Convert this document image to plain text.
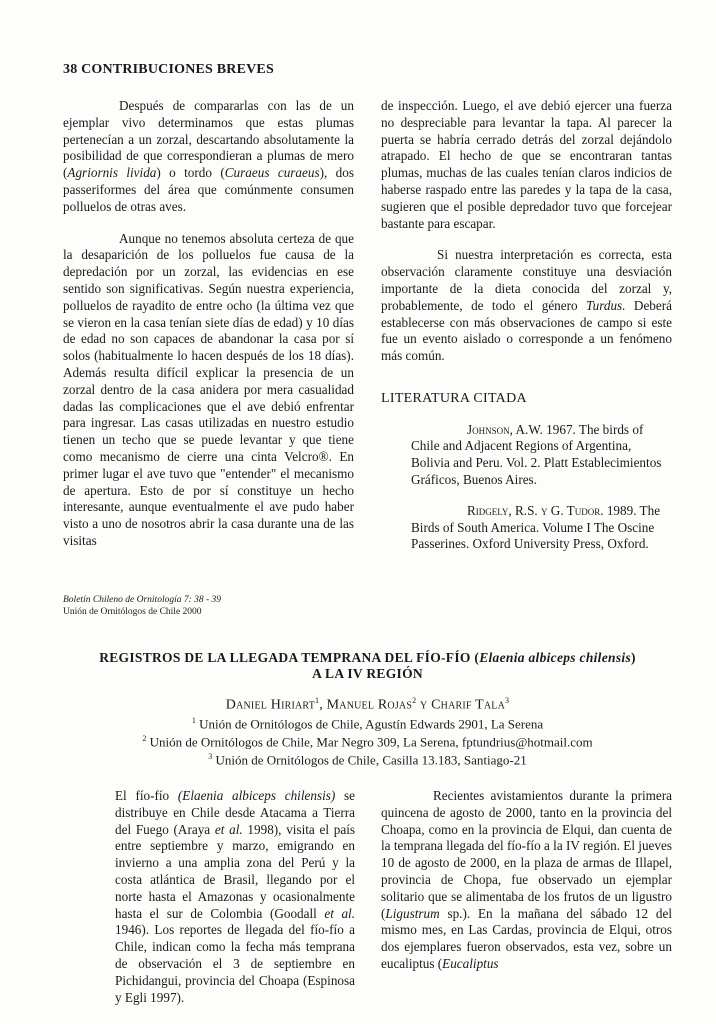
38 CONTRIBUCIONES BREVES

Después de compararlas con las de un ejemplar vivo determinamos que estas plumas pertenecían a un zorzal, descartando absolutamente la posibilidad de que correspondieran a plumas de mero (Agriornis livida) o tordo (Curaeus curaeus), dos passeriformes del área que comúnmente consumen polluelos de otras aves.

Aunque no tenemos absoluta certeza de que la desaparición de los polluelos fue causa de la depredación por un zorzal, las evidencias en ese sentido son significativas. Según nuestra experiencia, polluelos de rayadito de entre ocho (la última vez que se vieron en la casa tenían siete días de edad) y 10 días de edad no son capaces de abandonar la casa por sí solos (habitualmente lo hacen después de los 18 días). Además resulta difícil explicar la presencia de un zorzal dentro de la casa anidera por mera casualidad dadas las complicaciones que el ave debió enfrentar para ingresar. Las casas utilizadas en nuestro estudio tienen un techo que se puede levantar y que tiene como mecanismo de cierre una cinta Velcro®. En primer lugar el ave tuvo que "entender" el mecanismo de apertura. Esto de por sí constituye un hecho interesante, aunque eventualmente el ave pudo haber visto a uno de nosotros abrir la casa durante una de las visitas

de inspección. Luego, el ave debió ejercer una fuerza no despreciable para levantar la tapa. Al parecer la puerta se habría cerrado detrás del zorzal dejándolo atrapado. El hecho de que se encontraran tantas plumas, muchas de las cuales tenían claros indicios de haberse raspado entre las paredes y la tapa de la casa, sugieren que el posible depredador tuvo que forcejear bastante para escapar.

Si nuestra interpretación es correcta, esta observación claramente constituye una desviación importante de la dieta conocida del zorzal y, probablemente, de todo el género Turdus. Deberá establecerse con más observaciones de campo si este fue un evento aislado o corresponde a un fenómeno más común.

LITERATURA CITADA

Johnson, A.W. 1967. The birds of Chile and Adjacent Regions of Argentina, Bolivia and Peru. Vol. 2. Platt Establecimientos Gráficos, Buenos Aires.

Ridgely, R.S. y G. Tudor. 1989. The Birds of South America. Volume I The Oscine Passerines. Oxford University Press, Oxford.

Boletín Chileno de Ornitología 7: 38 - 39
Unión de Ornitólogos de Chile 2000
REGISTROS DE LA LLEGADA TEMPRANA DEL FÍO-FÍO (Elaenia albiceps chilensis)
A LA IV REGIÓN
Daniel Hiriart$^1$, Manuel Rojas$^2$ y Charif Tala$^3$
$^1$ Unión de Ornitólogos de Chile, Agustín Edwards 2901, La Serena
$^2$ Unión de Ornitólogos de Chile, Mar Negro 309, La Serena, fptundrius@hotmail.com
$^3$ Unión de Ornitólogos de Chile, Casilla 13.183, Santiago-21

El fío-fío (Elaenia albiceps chilensis) se distribuye en Chile desde Atacama a Tierra del Fuego (Araya et al. 1998), visita el país entre septiembre y marzo, emigrando en invierno a una amplia zona del Perú y la costa atlántica de Brasil, llegando por el norte hasta el Amazonas y ocasionalmente hasta el sur de Colombia (Goodall et al. 1946). Los reportes de llegada del fío-fío a Chile, indican como la fecha más temprana de observación el 3 de septiembre en Pichidangui, provincia del Choapa (Espinosa y Egli 1997).

Recientes avistamientos durante la primera quincena de agosto de 2000, tanto en la provincia del Choapa, como en la provincia de Elqui, dan cuenta de la temprana llegada del fío-fío a la IV región. El jueves 10 de agosto de 2000, en la plaza de armas de Illapel, provincia de Chopa, fue observado un ejemplar solitario que se alimentaba de los frutos de un ligustro (Ligustrum sp.). En la mañana del sábado 12 del mismo mes, en Las Cardas, provincia de Elqui, otros dos ejemplares fueron observados, esta vez, sobre un eucaliptus (Eucaliptus
